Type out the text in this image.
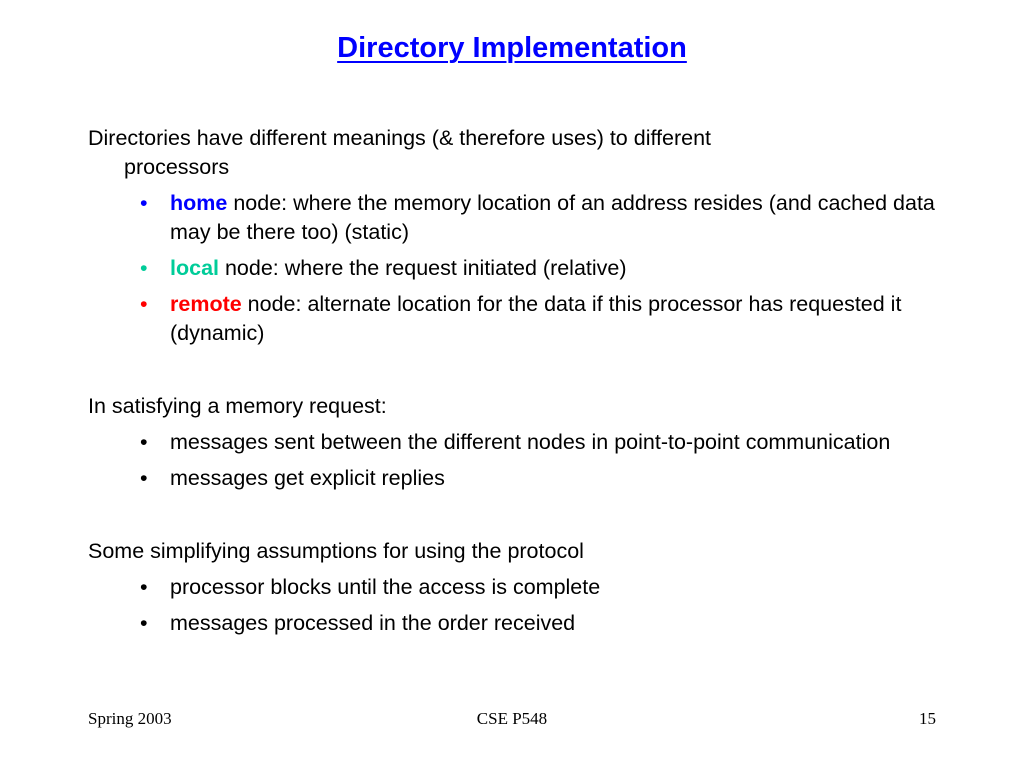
Directory Implementation

Directories have different meanings (& therefore uses) to different
processors

• home node: where the memory location of an address resides (and cached data may be there too) (static)
• local node: where the request initiated (relative)
• remote node: alternate location for the data if this processor has requested it (dynamic)

In satisfying a memory request:

• messages sent between the different nodes in point-to-point communication
• messages get explicit replies

Some simplifying assumptions for using the protocol

• processor blocks until the access is complete
• messages processed in the order received
Spring 2003	CSE P548	15
